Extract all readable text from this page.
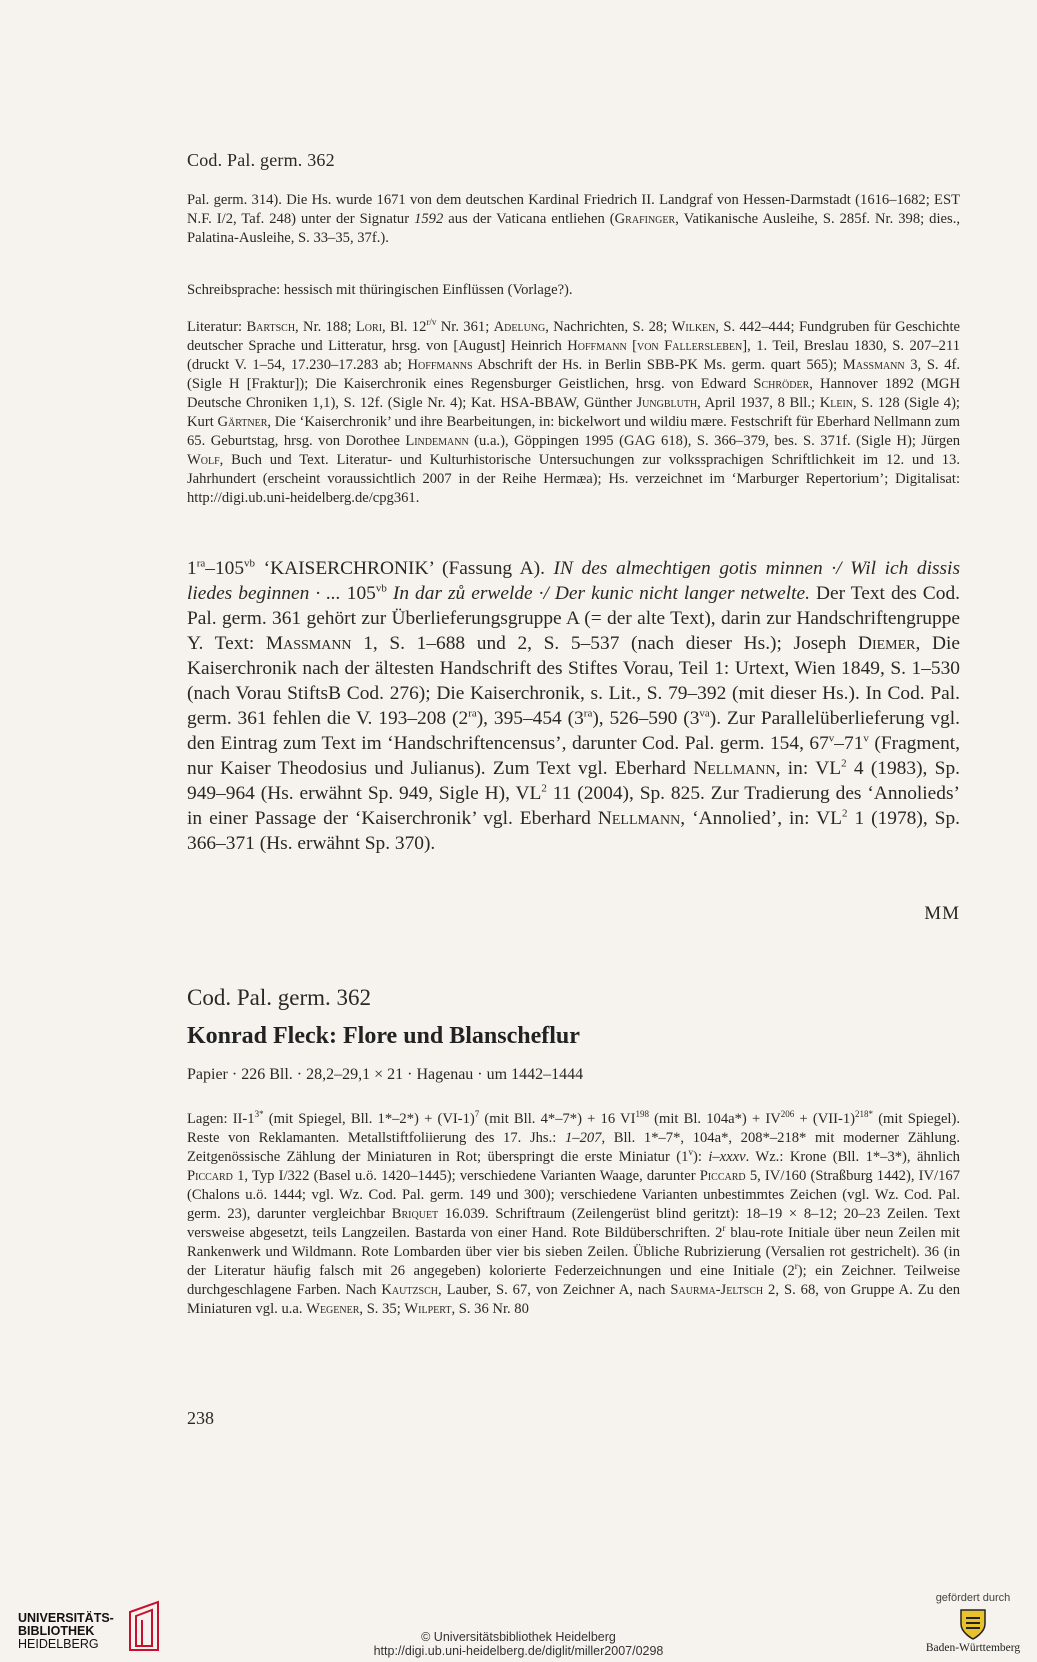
Cod. Pal. germ. 362
Pal. germ. 314). Die Hs. wurde 1671 von dem deutschen Kardinal Friedrich II. Landgraf von Hessen-Darmstadt (1616–1682; EST N.F. I/2, Taf. 248) unter der Signatur 1592 aus der Vaticana entliehen (Grafinger, Vatikanische Ausleihe, S. 285f. Nr. 398; dies., Palatina-Ausleihe, S. 33–35, 37f.).
Schreibsprache: hessisch mit thüringischen Einflüssen (Vorlage?).
Literatur: Bartsch, Nr. 188; Lori, Bl. $12^{r/v}$ Nr. 361; Adelung, Nachrichten, S. 28; Wilken, S. 442–444; Fundgruben für Geschichte deutscher Sprache und Litteratur, hrsg. von [August] Heinrich Hoffmann [von Fallersleben], 1. Teil, Breslau 1830, S. 207–211 (druckt V. 1–54, 17.230–17.283 ab; Hoffmanns Abschrift der Hs. in Berlin SBB-PK Ms. germ. quart 565); Massmann 3, S. 4f. (Sigle H [Fraktur]); Die Kaiserchronik eines Regensburger Geistlichen, hrsg. von Edward Schröder, Hannover 1892 (MGH Deutsche Chroniken 1,1), S. 12f. (Sigle Nr. 4); Kat. HSA-BBAW, Günther Jungbluth, April 1937, 8 Bll.; Klein, S. 128 (Sigle 4); Kurt Gärtner, Die ‘Kaiserchronik’ und ihre Bearbeitungen, in: bickelwort und wildiu mære. Festschrift für Eberhard Nellmann zum 65. Geburtstag, hrsg. von Dorothee Lindemann (u.a.), Göppingen 1995 (GAG 618), S. 366–379, bes. S. 371f. (Sigle H); Jürgen Wolf, Buch und Text. Literatur- und Kulturhistorische Untersuchungen zur volkssprachigen Schriftlichkeit im 12. und 13. Jahrhundert (erscheint voraussichtlich 2007 in der Reihe Hermæa); Hs. verzeichnet im ‘Marburger Repertorium’; Digitalisat: http://digi.ub.uni-heidelberg.de/cpg361.
$1^{ra}-105^{vb}$ ‘KAISERCHRONIK’ (Fassung A). IN des almechtigen gotis minnen ·/ Wil ich dissis liedes beginnen · ... $105^{vb}$ In dar zů erwelde ·/ Der kunic nicht langer netwelte. Der Text des Cod. Pal. germ. 361 gehört zur Überlieferungsgruppe A (= der alte Text), darin zur Handschriftengruppe Y. Text: Massmann 1, S. 1–688 und 2, S. 5–537 (nach dieser Hs.); Joseph Diemer, Die Kaiserchronik nach der ältesten Handschrift des Stiftes Vorau, Teil 1: Urtext, Wien 1849, S. 1–530 (nach Vorau StiftsB Cod. 276); Die Kaiserchronik, s. Lit., S. 79–392 (mit dieser Hs.). In Cod. Pal. germ. 361 fehlen die V. 193–208 $(2^{ra})$, 395–454 $(3^{ra})$, 526–590 $(3^{va})$. Zur Parallelüberlieferung vgl. den Eintrag zum Text im ‘Handschriftencensus’, darunter Cod. Pal. germ. 154, 67$^v$–71$^v$ (Fragment, nur Kaiser Theodosius und Julianus). Zum Text vgl. Eberhard Nellmann, in: $VL^2$ 4 (1983), Sp. 949–964 (Hs. erwähnt Sp. 949, Sigle H), $VL^2$ 11 (2004), Sp. 825. Zur Tradierung des ‘Annolieds’ in einer Passage der ‘Kaiserchronik’ vgl. Eberhard Nellmann, ‘Annolied’, in: $VL^2$ 1 (1978), Sp. 366–371 (Hs. erwähnt Sp. 370).
MM
Cod. Pal. germ. 362
Konrad Fleck: Flore und Blanscheflur
Papier · 226 Bll. · 28,2–29,1 × 21 · Hagenau · um 1442–1444
Lagen: $II-1^{3*}$ (mit Spiegel, Bll. $1*-2*) + (VI-1)^7$ (mit Bll. 4*–7*) + 16 VI$^{198}$ (mit Bl. $104a*) + IV^{206} + (VII-1)^{218*}$ (mit Spiegel). Reste von Reklamanten. Metallstiftfoliierung des 17. Jhs.: 1–207, Bll. 1*–7*, 104a*, 208*–218* mit moderner Zählung. Zeitgenössische Zählung der Miniaturen in Rot; überspringt die erste Miniatur (1$^v$): i–xxxv. Wz.: Krone (Bll. 1*–3*), ähnlich Piccard 1, Typ I/322 (Basel u.ö. 1420–1445); verschiedene Varianten Waage, darunter Piccard 5, IV/160 (Straßburg 1442), IV/167 (Chalons u.ö. 1444; vgl. Wz. Cod. Pal. germ. 149 und 300); verschiedene Varianten unbestimmtes Zeichen (vgl. Wz. Cod. Pal. germ. 23), darunter vergleichbar Briquet 16.039. Schriftraum (Zeilengerüst blind geritzt): 18–19 × 8–12; 20–23 Zeilen. Text versweise abgesetzt, teils Langzeilen. Bastarda von einer Hand. Rote Bildüberschriften. 2$^r$ blau-rote Initiale über neun Zeilen mit Rankenwerk und Wildmann. Rote Lombarden über vier bis sieben Zeilen. Übliche Rubrizierung (Versalien rot gestrichelt). 36 (in der Literatur häufig falsch mit 26 angegeben) kolorierte Federzeichnungen und eine Initiale (2$^r$); ein Zeichner. Teilweise durchgeschlagene Farben. Nach Kautzsch, Lauber, S. 67, von Zeichner A, nach Saurma-Jeltsch 2, S. 68, von Gruppe A. Zu den Miniaturen vgl. u.a. Wegener, S. 35; Wilpert, S. 36 Nr. 80
238
UNIVERSITÄTS-
BIBLIOTHEK
HEIDELBERG	© Universitätsbibliothek Heidelberg
http://digi.ub.uni-heidelberg.de/diglit/miller2007/0298
gefördert durch
Baden-Württemberg
